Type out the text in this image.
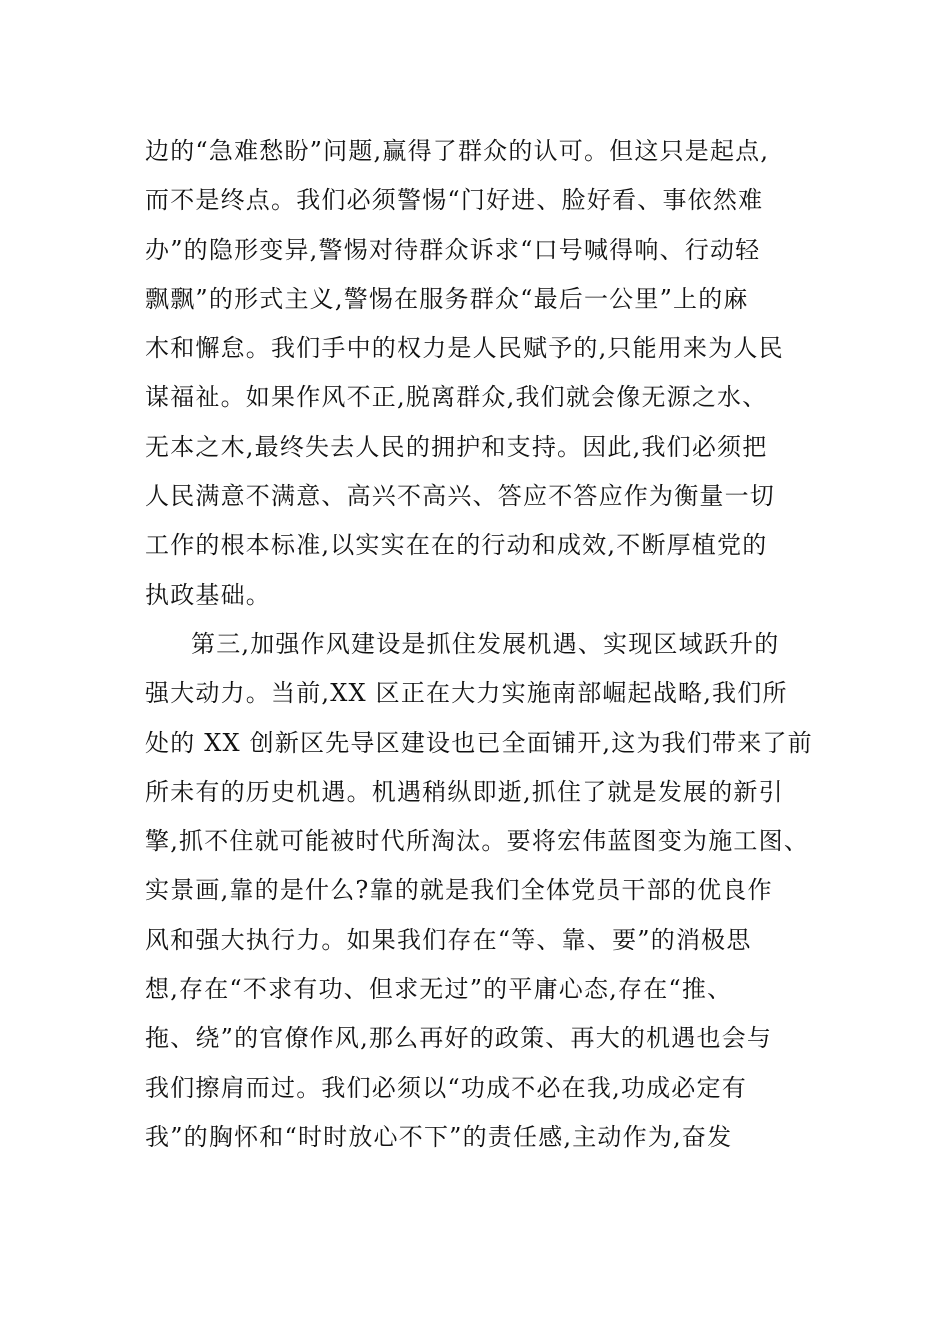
边的“急难愁盼”问题,赢得了群众的认可。但这只是起点,
而不是终点。我们必须警惕“门好进、脸好看、事依然难
办”的隐形变异,警惕对待群众诉求“口号喊得响、行动轻
飘飘”的形式主义,警惕在服务群众“最后一公里”上的麻
木和懈怠。我们手中的权力是人民赋予的,只能用来为人民
谋福祉。如果作风不正,脱离群众,我们就会像无源之水、
无本之木,最终失去人民的拥护和支持。因此,我们必须把
人民满意不满意、高兴不高兴、答应不答应作为衡量一切
工作的根本标准,以实实在在的行动和成效,不断厚植党的
执政基础。
第三,加强作风建设是抓住发展机遇、实现区域跃升的
强大动力。当前,XX 区正在大力实施南部崛起战略,我们所
处的 XX 创新区先导区建设也已全面铺开,这为我们带来了前
所未有的历史机遇。机遇稍纵即逝,抓住了就是发展的新引
擎,抓不住就可能被时代所淘汰。要将宏伟蓝图变为施工图、
实景画,靠的是什么?靠的就是我们全体党员干部的优良作
风和强大执行力。如果我们存在“等、靠、要”的消极思
想,存在“不求有功、但求无过”的平庸心态,存在“推、
拖、绕”的官僚作风,那么再好的政策、再大的机遇也会与
我们擦肩而过。我们必须以“功成不必在我,功成必定有
我”的胸怀和“时时放心不下”的责任感,主动作为,奋发
